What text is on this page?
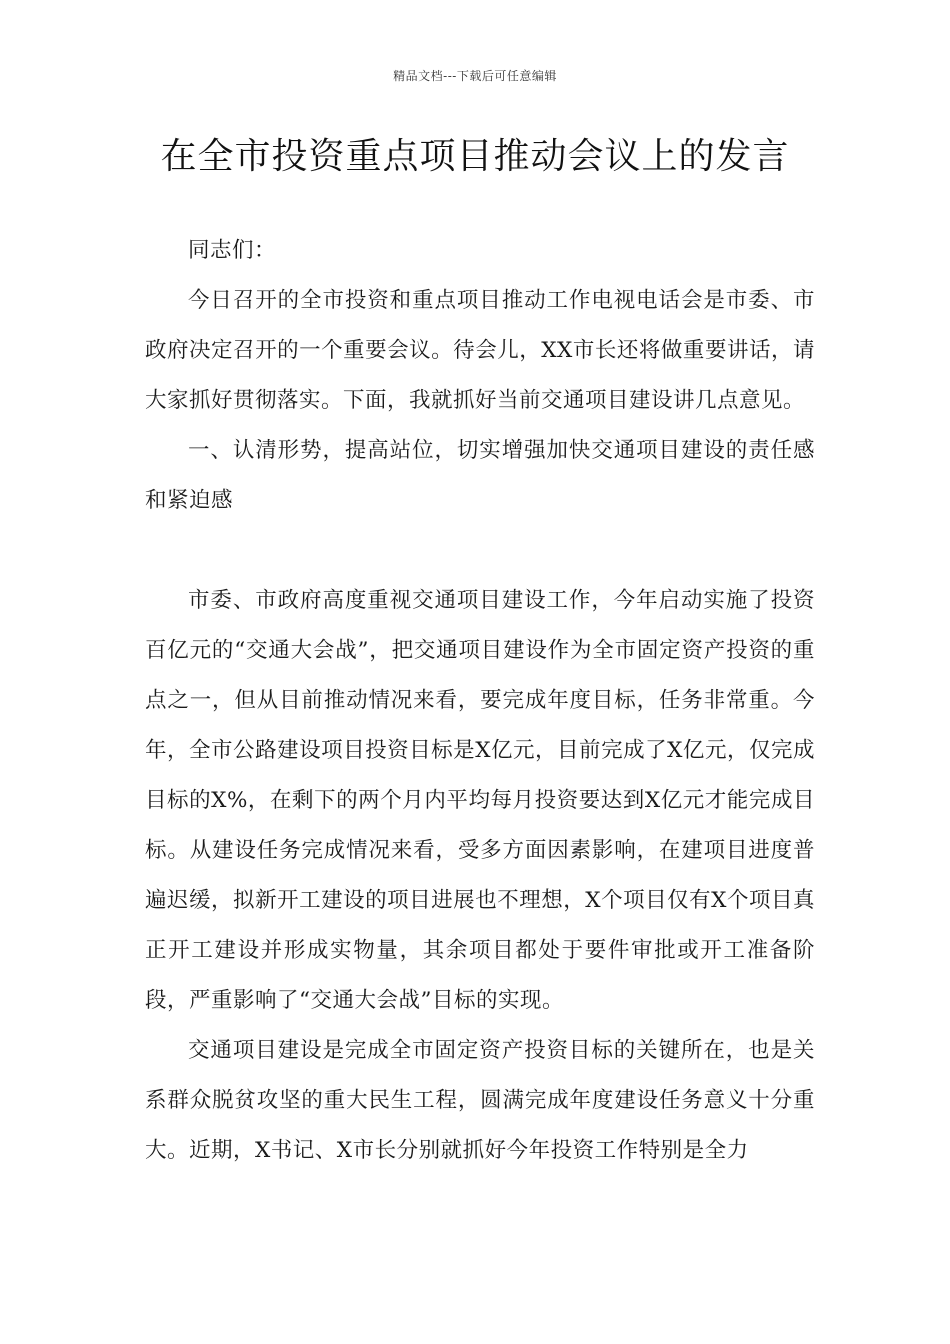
精品文档---下载后可任意编辑
在全市投资重点项目推动会议上的发言

同志们：

今日召开的全市投资和重点项目推动工作电视电话会是市委、市政府决定召开的一个重要会议。待会儿，XX市长还将做重要讲话，请大家抓好贯彻落实。下面，我就抓好当前交通项目建设讲几点意见。

一、认清形势，提高站位，切实增强加快交通项目建设的责任感和紧迫感

市委、市政府高度重视交通项目建设工作，今年启动实施了投资百亿元的“交通大会战”，把交通项目建设作为全市固定资产投资的重点之一，但从目前推动情况来看，要完成年度目标，任务非常重。今年，全市公路建设项目投资目标是X亿元，目前完成了X亿元，仅完成目标的X%，在剩下的两个月内平均每月投资要达到X亿元才能完成目标。从建设任务完成情况来看，受多方面因素影响，在建项目进度普遍迟缓，拟新开工建设的项目进展也不理想，X个项目仅有X个项目真正开工建设并形成实物量，其余项目都处于要件审批或开工准备阶段，严重影响了“交通大会战”目标的实现。

交通项目建设是完成全市固定资产投资目标的关键所在，也是关系群众脱贫攻坚的重大民生工程，圆满完成年度建设任务意义十分重大。近期，X书记、X市长分别就抓好今年投资工作特别是全力
